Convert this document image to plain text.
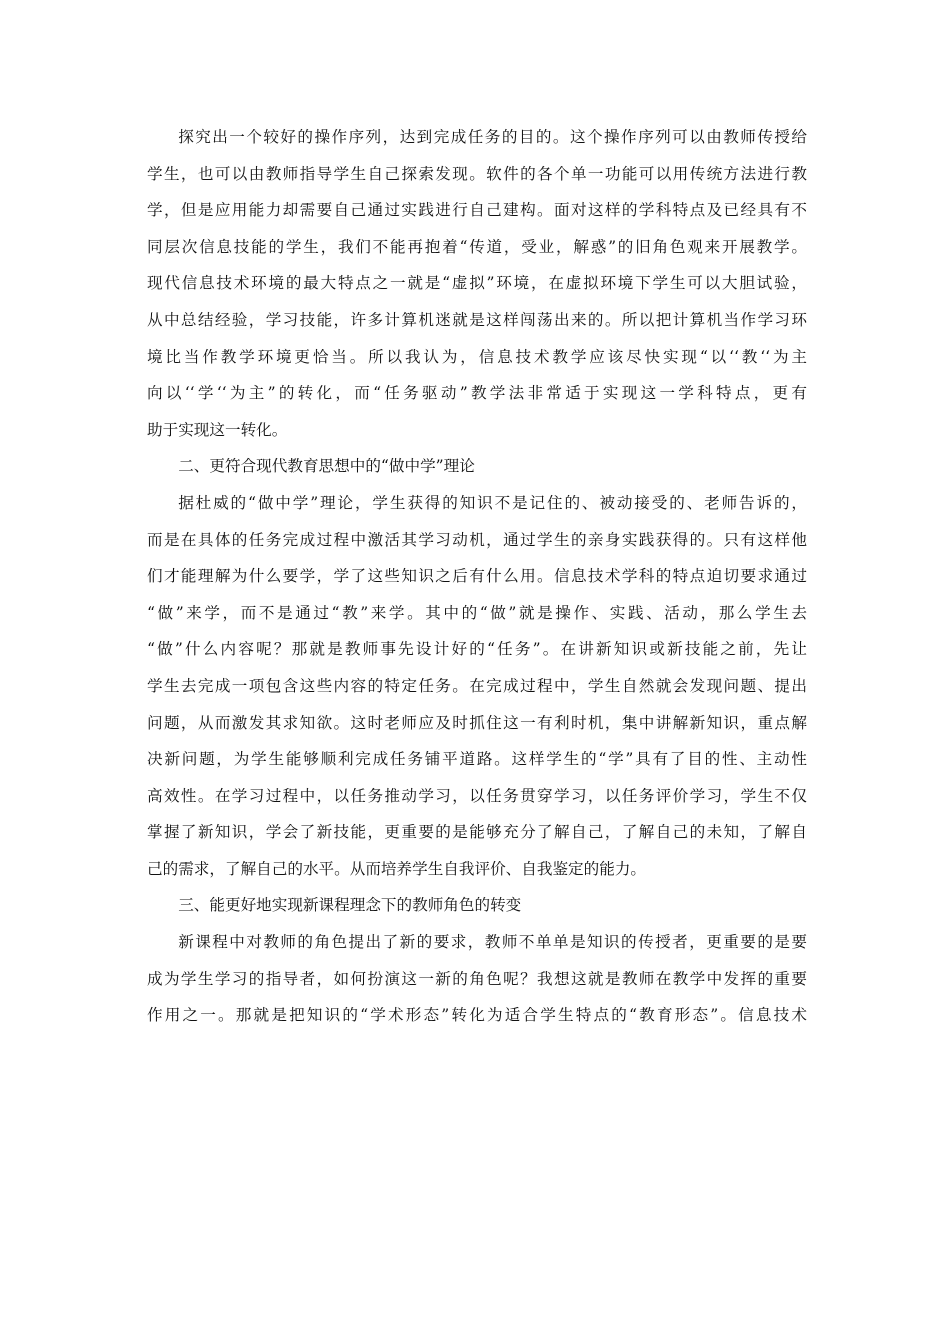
探究出一个较好的操作序列，达到完成任务的目的。这个操作序列可以由教师传授给
学生，也可以由教师指导学生自己探索发现。软件的各个单一功能可以用传统方法进行教
学，但是应用能力却需要自己通过实践进行自己建构。面对这样的学科特点及已经具有不
同层次信息技能的学生，我们不能再抱着“传道，受业，解惑”的旧角色观来开展教学。
现代信息技术环境的最大特点之一就是“虚拟”环境，在虚拟环境下学生可以大胆试验，
从中总结经验，学习技能，许多计算机迷就是这样闯荡出来的。所以把计算机当作学习环
境比当作教学环境更恰当。所以我认为，信息技术教学应该尽快实现“以‘‘教‘‘为主
向以‘‘学‘‘为主”的转化，而“任务驱动”教学法非常适于实现这一学科特点，更有
助于实现这一转化。
二、更符合现代教育思想中的“做中学”理论
据杜威的“做中学”理论，学生获得的知识不是记住的、被动接受的、老师告诉的，
而是在具体的任务完成过程中激活其学习动机，通过学生的亲身实践获得的。只有这样他
们才能理解为什么要学，学了这些知识之后有什么用。信息技术学科的特点迫切要求通过
“做”来学，而不是通过“教”来学。其中的“做”就是操作、实践、活动，那么学生去
“做”什么内容呢？那就是教师事先设计好的“任务”。在讲新知识或新技能之前，先让
学生去完成一项包含这些内容的特定任务。在完成过程中，学生自然就会发现问题、提出
问题，从而激发其求知欲。这时老师应及时抓住这一有利时机，集中讲解新知识，重点解
决新问题，为学生能够顺利完成任务铺平道路。这样学生的“学”具有了目的性、主动性
高效性。在学习过程中，以任务推动学习，以任务贯穿学习，以任务评价学习，学生不仅
掌握了新知识，学会了新技能，更重要的是能够充分了解自己，了解自己的未知，了解自
己的需求，了解自己的水平。从而培养学生自我评价、自我鉴定的能力。
三、能更好地实现新课程理念下的教师角色的转变
新课程中对教师的角色提出了新的要求，教师不单单是知识的传授者，更重要的是要
成为学生学习的指导者，如何扮演这一新的角色呢？我想这就是教师在教学中发挥的重要
作用之一。那就是把知识的“学术形态”转化为适合学生特点的“教育形态”。信息技术
